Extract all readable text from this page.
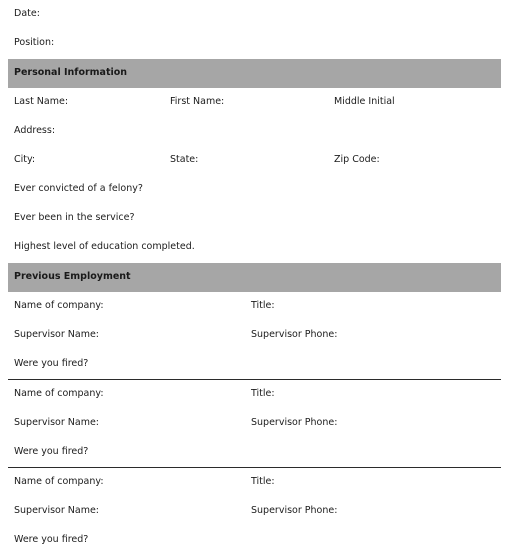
Date:
Position:
Personal Information
Last Name:	First Name:	Middle Initial
Address:
City:	State:	Zip Code:
Ever convicted of a felony?
Ever been in the service?
Highest level of education completed.
Previous Employment
Name of company:	Title:
Supervisor Name:	Supervisor Phone:
Were you fired?
Name of company:	Title:
Supervisor Name:	Supervisor Phone:
Were you fired?
Name of company:	Title:
Supervisor Name:	Supervisor Phone:
Were you fired?
